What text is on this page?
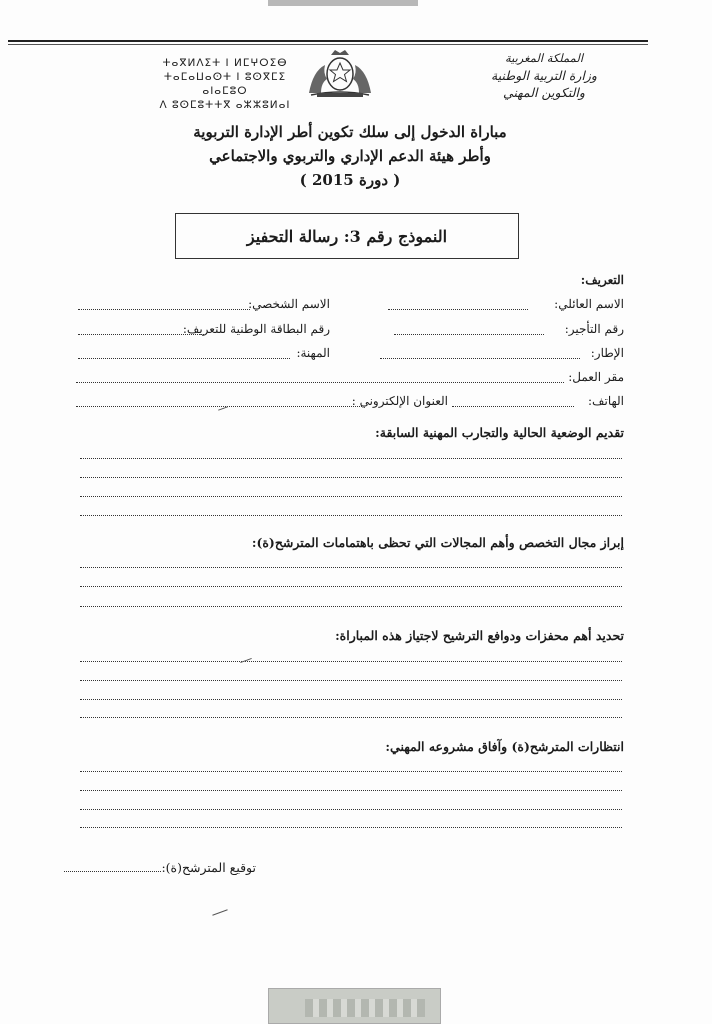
المملكة المغربية
وزارة التربية الوطنية
والتكوين المهني
ⵜⴰⴳⵍⴷⵉⵜ ⵏ ⵍⵎⵖⵔⵉⴱ
ⵜⴰⵎⴰⵡⴰⵙⵜ ⵏ ⵓⵙⴳⵎⵉ ⴰⵏⴰⵎⵓⵔ
ⴷ ⵓⵙⵎⵓⵜⵜⴳ ⴰⵣⵣⵓⵍⴰⵏ
مباراة الدخول إلى سلك تكوين أطر الإدارة التربوية
وأطر هيئة الدعم الإداري والتربوي والاجتماعي
( دورة 2015 )
النموذج رقم 3: رسالة التحفيز
التعريف:
الاسم العائلي:
الاسم الشخصي:
رقم التأجير:
رقم البطاقة الوطنية للتعريف:
الإطار:
المهنة:
مقر العمل:
الهاتف:
العنوان الإلكتروني :
تقديم الوضعية الحالية والتجارب المهنية السابقة:
إبراز مجال التخصص وأهم المجالات التي تحظى باهتمامات المترشح(ة):
تحديد أهم محفزات ودوافع الترشيح لاجتياز هذه المباراة:
انتظارات المترشح(ة) وآفاق مشروعه المهني:
توقيع المترشح(ة):
